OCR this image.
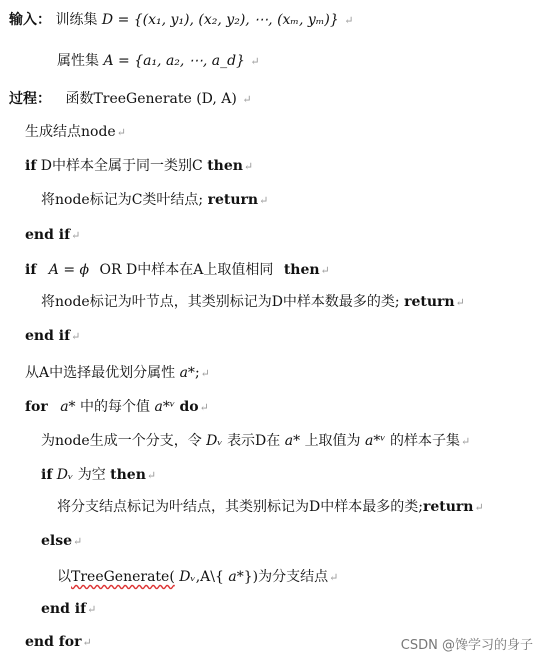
输入： 训练集 D = {(x₁, y₁), (x₂, y₂), ⋯, (xₘ, yₘ)} ↵
属性集 A = {a₁, a₂, ⋯, a_d} ↵
过程： 函数TreeGenerate (D, A) ↵
生成结点node↵
if D中样本全属于同一类别C then↵
将node标记为C类叶结点; return↵
end if↵
if A = ϕ OR D中样本在A上取值相同 then↵
将node标记为叶节点，其类别标记为D中样本数最多的类; return↵
end if↵
从A中选择最优划分属性 a*;↵
for a* 中的每个值 a*ᵛ do↵
为node生成一个分支，令 Dᵥ 表示D在 a* 上取值为 a*ᵛ 的样本子集↵
if Dᵥ 为空 then↵
将分支结点标记为叶结点，其类别标记为D中样本最多的类;return↵
else↵
以TreeGenerate( Dᵥ,A\{ a*})为分支结点↵
end if↵
end for↵	CSDN @馋学习的身子
